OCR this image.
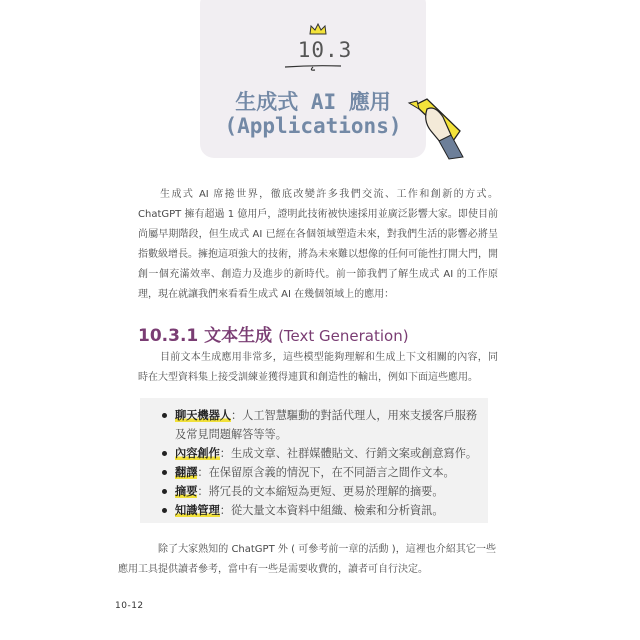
10.3
生成式 AI 應用
(Applications)
生成式 AI 席捲世界，徹底改變許多我們交流、工作和創新的方式。ChatGPT 擁有超過 1 億用戶，證明此技術被快速採用並廣泛影響大家。即使目前尚屬早期階段，但生成式 AI 已經在各個領域塑造未來，對我們生活的影響必將呈指數級增長。擁抱這項強大的技術，將為未來難以想像的任何可能性打開大門，開創一個充滿效率、創造力及進步的新時代。前一節我們了解生成式 AI 的工作原理，現在就讓我們來看看生成式 AI 在幾個領域上的應用：
10.3.1 文本生成 (Text Generation)
目前文本生成應用非常多，這些模型能夠理解和生成上下文相關的內容，同時在大型資料集上接受訓練並獲得連貫和創造性的輸出，例如下面這些應用。
聊天機器人：人工智慧驅動的對話代理人，用來支援客戶服務及常見問題解答等等。
內容創作：生成文章、社群媒體貼文、行銷文案或創意寫作。
翻譯：在保留原含義的情況下，在不同語言之間作文本。
摘要：將冗長的文本縮短為更短、更易於理解的摘要。
知識管理：從大量文本資料中組織、檢索和分析資訊。
除了大家熟知的 ChatGPT 外 ( 可參考前一章的活動 )，這裡也介紹其它一些應用工具提供讀者參考，當中有一些是需要收費的，讀者可自行決定。
10-12
